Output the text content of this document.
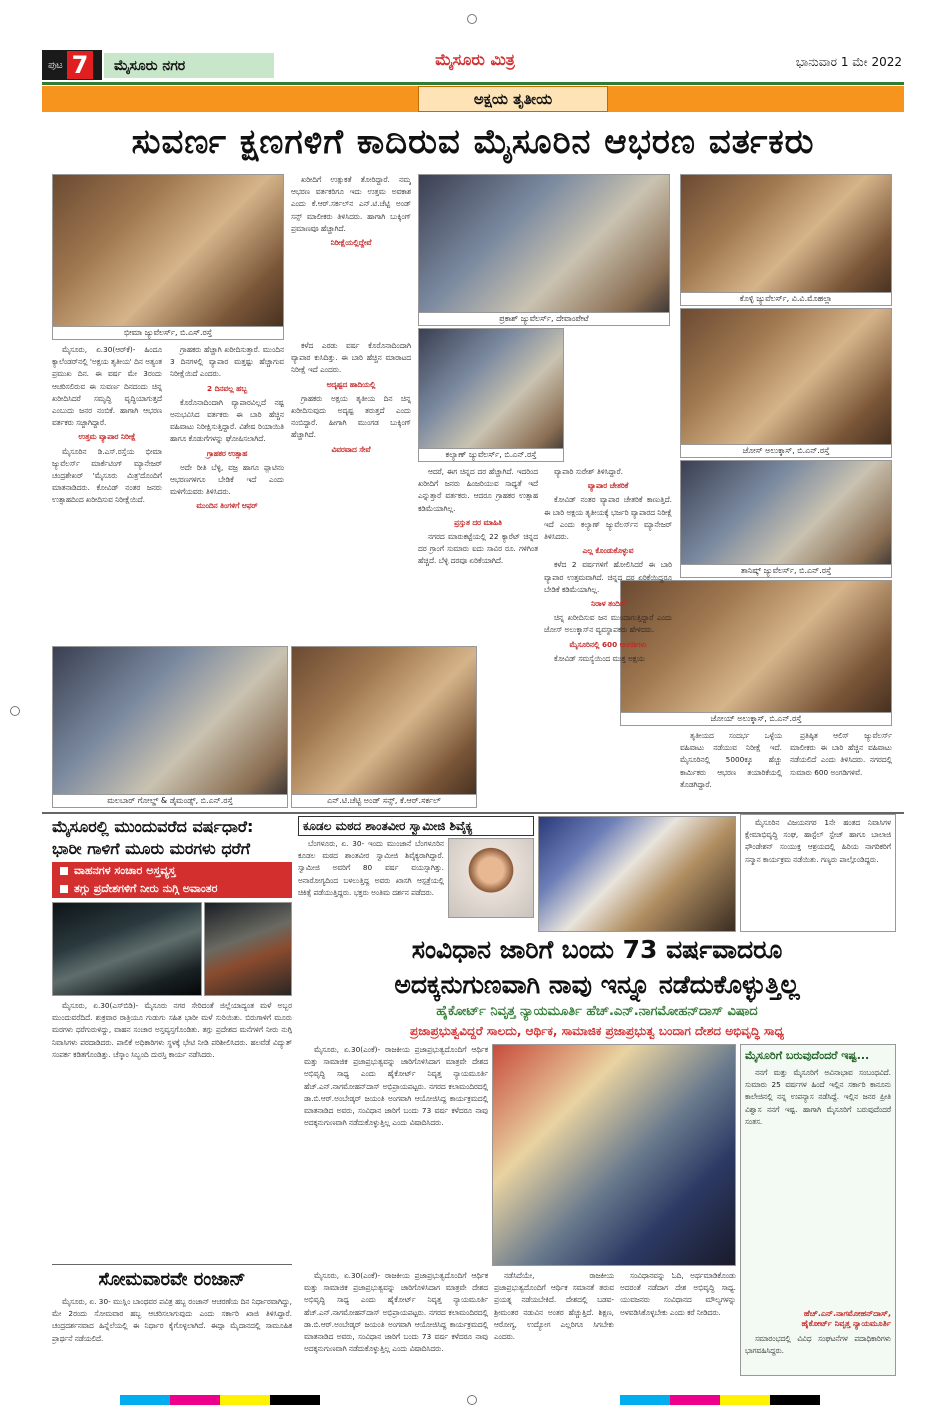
ಪುಟ 7	ಮೈಸೂರು ನಗರ	ಮೈಸೂರು ಮಿತ್ರ	ಭಾನುವಾರ 1 ಮೇ 2022
ಅಕ್ಷಯ ತೃತೀಯ
ಸುವರ್ಣ ಕ್ಷಣಗಳಿಗೆ ಕಾದಿರುವ ಮೈಸೂರಿನ ಆಭರಣ ವರ್ತಕರು
ಭೀಮಾ ಜ್ಯುವೆಲರ್ಸ್, ಬಿ.ಎಸ್.ರಸ್ತೆ
ಪ್ರಕಾಶ್ ಜ್ಯುವೆಲರ್ಸ್, ದೇವಾಂಪೇಟೆ
ಕೊಳ್ಳಿ ಜ್ಯುವೆಲರ್ಸ್, ವಿ.ವಿ.ಮೊಹಲ್ಲಾ
ಕಲ್ಯಾಣ್ ಜ್ಯುವೆಲರ್ಸ್, ಬಿ.ಎನ್.ರಸ್ತೆ	ಜೋಸ್ ಅಲುಕ್ಕಾಸ್, ಬಿ.ಎನ್.ರಸ್ತೆ
ತಾನಿಷ್ಕ್ ಜ್ಯುವೆಲರ್ಸ್, ಬಿ.ಎನ್.ರಸ್ತೆ
ಜೋಯ್ ಅಲುಕ್ಕಾಸ್, ಬಿ.ಎನ್.ರಸ್ತೆ
ಮಲಬಾರ್ ಗೋಲ್ಡ್ & ಡೈಮಂಡ್ಸ್, ಬಿ.ಎನ್.ರಸ್ತೆ	ಎನ್.ಟಿ.ಚೆಟ್ಟಿ ಅಂಡ್ ಸನ್ಸ್, ಕೆ.ಆರ್.ಸರ್ಕಲ್

ಮೈಸೂರು, ಏ.30(ಆರ್‌ಕೆ)- ಹಿಂದೂ ಕ್ಯಾಲೆಂಡರ್‌ನಲ್ಲಿ 'ಅಕ್ಷಯ ತೃತೀಯ' ದಿನ ಅತ್ಯಂತ ಪ್ರಮುಖ ದಿನ. ಈ ವರ್ಷ ಮೇ 3ರಂದು ಆಚರಿಸಲಿರುವ ಈ ಸುವರ್ಣ ದಿನದಂದು ಚಿನ್ನ ಖರೀದಿಸಿದರೆ ಸಮೃದ್ಧಿ ವೃದ್ಧಿಯಾಗುತ್ತದೆ ಎಂಬುದು ಜನರ ನಂಬಿಕೆ. ಹಾಗಾಗಿ ಆಭರಣ ವರ್ತಕರು ಸಜ್ಜಾಗಿದ್ದಾರೆ.

ಉತ್ತಮ ವ್ಯಾಪಾರ ನಿರೀಕ್ಷೆ

ಮೈಸೂರಿನ ಡಿ.ಎಸ್.ರಸ್ತೆಯ ಭೀಮಾ ಜ್ಯುವೆಲರ್ಸ್ ಮಾರ್ಕೆಟಿಂಗ್ ಮ್ಯಾನೇಜರ್ ಚಂದ್ರಶೇಖರ್ 'ಮೈಸೂರು ಮಿತ್ರ'ದೊಂದಿಗೆ ಮಾತನಾಡಿದರು. ಕೋವಿಡ್ ನಂತರ ಜನರು ಉತ್ಸಾಹದಿಂದ ಖರೀದಿಸುವ ನಿರೀಕ್ಷೆಯಿದೆ.

ಗ್ರಾಹಕರು ಹೆಚ್ಚಾಗಿ ಖರೀದಿಸುತ್ತಾರೆ. ಮುಂದಿನ 3 ದಿನಗಳಲ್ಲಿ ವ್ಯಾಪಾರ ಮತ್ತಷ್ಟು ಹೆಚ್ಚಾಗುವ ನಿರೀಕ್ಷೆಯಿದೆ ಎಂದರು.

2 ದಿನವಲ್ಲ ಹಬ್ಬ

ಕೊರೊನಾದಿಂದಾಗಿ ವ್ಯಾಪಾರವಿಲ್ಲದೆ ನಷ್ಟ ಅನುಭವಿಸಿದ ವರ್ತಕರು ಈ ಬಾರಿ ಹೆಚ್ಚಿನ ವಹಿವಾಟು ನಿರೀಕ್ಷಿಸುತ್ತಿದ್ದಾರೆ. ವಿಶೇಷ ರಿಯಾಯಿತಿ ಹಾಗೂ ಕೊಡುಗೆಗಳನ್ನು ಘೋಷಿಸಲಾಗಿದೆ.

ಗ್ರಾಹಕರ ಉತ್ಸಾಹ

ಅದೇ ರೀತಿ ಬೆಳ್ಳಿ, ವಜ್ರ ಹಾಗೂ ಪ್ಲಾಟಿನಂ ಆಭರಣಗಳಿಗೂ ಬೇಡಿಕೆ ಇದೆ ಎಂದು ಮಳಿಗೆಯವರು ತಿಳಿಸಿದರು.

ಮುಂದಿನ ತಿಂಗಳಿಗೆ ಆಫರ್

ಖರೀದಿಗೆ ಉತ್ಸುಕತೆ ತೋರಿದ್ದಾರೆ. ನಮ್ಮ ಆಭರಣ ವರ್ತಕರಿಗೂ ಇದು ಉತ್ತಮ ಅವಕಾಶ ಎಂದು ಕೆ.ಆರ್.ಸರ್ಕಲ್‌ನ ಎನ್.ಟಿ.ಚೆಟ್ಟಿ ಅಂಡ್ ಸನ್ಸ್ ಮಾಲೀಕರು ತಿಳಿಸಿದರು. ಹಾಗಾಗಿ ಬುಕ್ಕಿಂಗ್ ಪ್ರಮಾಣವೂ ಹೆಚ್ಚಾಗಿದೆ.

ನಿರೀಕ್ಷೆಯಲ್ಲಿದ್ದೇವೆ

ಕಳೆದ ಎರಡು ವರ್ಷ ಕೊರೊನಾದಿಂದಾಗಿ ವ್ಯಾಪಾರ ಕುಸಿದಿತ್ತು. ಈ ಬಾರಿ ಹೆಚ್ಚಿನ ಮಾರಾಟದ ನಿರೀಕ್ಷೆ ಇದೆ ಎಂದರು.

ಅದೃಷ್ಟದ ಹಾದಿಯಲ್ಲಿ

ಗ್ರಾಹಕರು ಅಕ್ಷಯ ತೃತೀಯ ದಿನ ಚಿನ್ನ ಖರೀದಿಸುವುದು ಅದೃಷ್ಟ ತರುತ್ತದೆ ಎಂದು ನಂಬಿದ್ದಾರೆ. ಹೀಗಾಗಿ ಮುಂಗಡ ಬುಕ್ಕಿಂಗ್ ಹೆಚ್ಚಾಗಿದೆ.

ವಿವರವಾದ ಸೇವೆ

ಆದರೆ, ಈಗ ಚಿನ್ನದ ದರ ಹೆಚ್ಚಾಗಿದೆ. ಇದರಿಂದ ಖರೀದಿಗೆ ಜನರು ಹಿಂಜರಿಯುವ ಸಾಧ್ಯತೆ ಇದೆ ಎನ್ನುತ್ತಾರೆ ವರ್ತಕರು. ಆದರೂ ಗ್ರಾಹಕರ ಉತ್ಸಾಹ ಕಡಿಮೆಯಾಗಿಲ್ಲ.

ಪ್ರಸ್ತುತ ದರ ಮಾಹಿತಿ

ನಗರದ ಮಾರುಕಟ್ಟೆಯಲ್ಲಿ 22 ಕ್ಯಾರೆಟ್ ಚಿನ್ನದ ದರ ಗ್ರಾಂಗೆ ಸುಮಾರು ಐದು ಸಾವಿರ ರೂ. ಗಳಿಗಿಂತ ಹೆಚ್ಚಿದೆ. ಬೆಳ್ಳಿ ದರವೂ ಏರಿಕೆಯಾಗಿದೆ.

ವ್ಯಾಪಾರಿ ಸುರೇಶ್ ತಿಳಿಸಿದ್ದಾರೆ.

ವ್ಯಾಪಾರ ಚೇತರಿಕೆ

ಕೋವಿಡ್ ನಂತರ ವ್ಯಾಪಾರ ಚೇತರಿಕೆ ಕಾಣುತ್ತಿದೆ. ಈ ಬಾರಿ ಅಕ್ಷಯ ತೃತೀಯಕ್ಕೆ ಭರ್ಜರಿ ವ್ಯಾಪಾರದ ನಿರೀಕ್ಷೆ ಇದೆ ಎಂದು ಕಲ್ಯಾಣ್ ಜ್ಯುವೆಲರ್ಸ್‌ನ ಮ್ಯಾನೇಜರ್ ತಿಳಿಸಿದರು.

ಎಲ್ಲ ಕೊಂಡುಕೊಳ್ಳುವ

ಕಳೆದ 2 ವರ್ಷಗಳಿಗೆ ಹೋಲಿಸಿದರೆ ಈ ಬಾರಿ ವ್ಯಾಪಾರ ಉತ್ತಮವಾಗಿದೆ. ಚಿನ್ನದ ದರ ಏರಿಕೆಯಿದ್ದರೂ ಬೇಡಿಕೆ ಕಡಿಮೆಯಾಗಿಲ್ಲ.

ನಿರಾಳ ತಂದಿದೆ

ಚಿನ್ನ ಖರೀದಿಸುವ ಜನ ಮುಂದಾಗುತ್ತಿದ್ದಾರೆ ಎಂದು ಜೋಸ್ ಅಲುಕ್ಕಾಸ್‌ನ ವ್ಯವಸ್ಥಾಪಕರು ಹೇಳಿದರು.

ಮೈಸೂರಿನಲ್ಲಿ 600 ಅಂಗಡಿಗಳು

ಕೋವಿಡ್ ಸಮಸ್ಯೆಯಿಂದ ಮುಕ್ತ ಅಕ್ಷಯ

ತೃತೀಯದ ಸಂದರ್ಭ ಒಳ್ಳೆಯ ವಹಿವಾಟು ನಡೆಯುವ ನಿರೀಕ್ಷೆ ಇದೆ. ಮೈಸೂರಿನಲ್ಲಿ 5000ಕ್ಕೂ ಹೆಚ್ಚು ಕಾರ್ಮಿಕರು ಆಭರಣ ತಯಾರಿಕೆಯಲ್ಲಿ ತೊಡಗಿದ್ದಾರೆ.

ಪ್ರತಿಷ್ಠಿತ ಆಲಿಸ್ ಜ್ಯುವೆಲರ್ಸ್ ಮಾಲೀಕರು ಈ ಬಾರಿ ಹೆಚ್ಚಿನ ವಹಿವಾಟು ನಡೆಯಲಿದೆ ಎಂದು ತಿಳಿಸಿದರು. ನಗರದಲ್ಲಿ ಸುಮಾರು 600 ಅಂಗಡಿಗಳಿವೆ.

ಮೈಸೂರಲ್ಲಿ ಮುಂದುವರೆದ ವರ್ಷಧಾರೆ:
ಭಾರೀ ಗಾಳಿಗೆ ಮೂರು ಮರಗಳು ಧರೆಗೆ
ವಾಹನಗಳ ಸಂಚಾರ ಅಸ್ತವ್ಯಸ್ತ
ತಗ್ಗು ಪ್ರದೇಶಗಳಿಗೆ ನೀರು ನುಗ್ಗಿ ಅವಾಂತರ

ಮೈಸೂರು, ಏ.30(ಎಸ್‌ಬಿಡಿ)- ಮೈಸೂರು ನಗರ ಸೇರಿದಂತೆ ಜಿಲ್ಲೆಯಾದ್ಯಂತ ಮಳೆ ಅಬ್ಬರ ಮುಂದುವರೆದಿದೆ. ಶುಕ್ರವಾರ ರಾತ್ರಿಯೂ ಗುಡುಗು ಸಹಿತ ಭಾರೀ ಮಳೆ ಸುರಿಯಿತು. ಬಿರುಗಾಳಿಗೆ ಮೂರು ಮರಗಳು ಧರೆಗುರುಳಿದ್ದು, ವಾಹನ ಸಂಚಾರ ಅಸ್ತವ್ಯಸ್ತಗೊಂಡಿತು. ತಗ್ಗು ಪ್ರದೇಶದ ಮನೆಗಳಿಗೆ ನೀರು ನುಗ್ಗಿ ನಿವಾಸಿಗಳು ಪರದಾಡಿದರು. ಪಾಲಿಕೆ ಅಧಿಕಾರಿಗಳು ಸ್ಥಳಕ್ಕೆ ಭೇಟಿ ನೀಡಿ ಪರಿಶೀಲಿಸಿದರು. ಹಲವೆಡೆ ವಿದ್ಯುತ್ ಸಂಪರ್ಕ ಕಡಿತಗೊಂಡಿತ್ತು. ಚೆಸ್ಕಾಂ ಸಿಬ್ಬಂದಿ ದುರಸ್ತಿ ಕಾರ್ಯ ನಡೆಸಿದರು.

ಸೋಮವಾರವೇ ರಂಜಾನ್

ಮೈಸೂರು, ಏ. 30- ಮುಸ್ಲಿಂ ಬಾಂಧವರ ಪವಿತ್ರ ಹಬ್ಬ ರಂಜಾನ್ ಆಚರಣೆಯ ದಿನ ನಿರ್ಧಾರವಾಗಿದ್ದು, ಮೇ 2ರಂದು ಸೋಮವಾರ ಹಬ್ಬ ಆಚರಿಸಲಾಗುವುದು ಎಂದು ಸರ್ಕಾರಿ ಖಾಜಿ ತಿಳಿಸಿದ್ದಾರೆ. ಚಂದ್ರದರ್ಶನವಾದ ಹಿನ್ನೆಲೆಯಲ್ಲಿ ಈ ನಿರ್ಧಾರ ಕೈಗೊಳ್ಳಲಾಗಿದೆ. ಈದ್ಗಾ ಮೈದಾನದಲ್ಲಿ ಸಾಮೂಹಿಕ ಪ್ರಾರ್ಥನೆ ನಡೆಯಲಿದೆ.

ಕೂಡಲ ಮಠದ ಶಾಂತವೀರ ಸ್ವಾಮೀಜಿ ಶಿವೈಕ್ಯ

ಬೆಂಗಳೂರು, ಏ. 30- ಇಂದು ಮುಂಜಾನೆ ಬೆಂಗಳೂರಿನ ಕೂಡಲ ಮಠದ ಶಾಂತವೀರ ಸ್ವಾಮೀಜಿ ಶಿವೈಕ್ಯರಾಗಿದ್ದಾರೆ. ಸ್ವಾಮೀಜಿ ಅವರಿಗೆ 80 ವರ್ಷ ವಯಸ್ಸಾಗಿತ್ತು. ಅನಾರೋಗ್ಯದಿಂದ ಬಳಲುತ್ತಿದ್ದ ಅವರು ಖಾಸಗಿ ಆಸ್ಪತ್ರೆಯಲ್ಲಿ ಚಿಕಿತ್ಸೆ ಪಡೆಯುತ್ತಿದ್ದರು. ಭಕ್ತರು ಅಂತಿಮ ದರ್ಶನ ಪಡೆದರು.

ಮೈಸೂರಿನ ವಿಜಯನಗರ 1ನೇ ಹಂತದ ನಿವಾಸಿಗಳ ಕ್ಷೇಮಾಭಿವೃದ್ಧಿ ಸಂಘ, ಹಾಸ್ಟೆಲ್ ಸ್ಟೇಜ್ ಹಾಗೂ ಬಾಲಾಜಿ ಫೌಂಡೇಶನ್ ಸಂಯುಕ್ತ ಆಶ್ರಯದಲ್ಲಿ ಹಿರಿಯ ನಾಗರಿಕರಿಗೆ ಸನ್ಮಾನ ಕಾರ್ಯಕ್ರಮ ನಡೆಯಿತು. ಗಣ್ಯರು ಪಾಲ್ಗೊಂಡಿದ್ದರು.

ಸಂವಿಧಾನ ಜಾರಿಗೆ ಬಂದು 73 ವರ್ಷವಾದರೂ
ಅದಕ್ಕನುಗುಣವಾಗಿ ನಾವು ಇನ್ನೂ ನಡೆದುಕೊಳ್ಳುತ್ತಿಲ್ಲ
ಹೈಕೋರ್ಟ್ ನಿವೃತ್ತ ನ್ಯಾಯಮೂರ್ತಿ ಹೆಚ್.ಎನ್.ನಾಗಮೋಹನ್‌ದಾಸ್ ವಿಷಾದ
ಪ್ರಜಾಪ್ರಭುತ್ವವಿದ್ದರೆ ಸಾಲದು, ಆರ್ಥಿಕ, ಸಾಮಾಜಿಕ ಪ್ರಜಾಪ್ರಭುತ್ವ ಬಂದಾಗ ದೇಶದ ಅಭಿವೃದ್ಧಿ ಸಾಧ್ಯ

ಮೈಸೂರು, ಏ.30(ಎಂಕೆ)- ರಾಜಕೀಯ ಪ್ರಜಾಪ್ರಭುತ್ವದೊಂದಿಗೆ ಆರ್ಥಿಕ ಮತ್ತು ಸಾಮಾಜಿಕ ಪ್ರಜಾಪ್ರಭುತ್ವವನ್ನು ಜಾರಿಗೊಳಿಸಿದಾಗ ಮಾತ್ರವೇ ದೇಶದ ಅಭಿವೃದ್ಧಿ ಸಾಧ್ಯ ಎಂದು ಹೈಕೋರ್ಟ್ ನಿವೃತ್ತ ನ್ಯಾಯಮೂರ್ತಿ ಹೆಚ್.ಎನ್.ನಾಗಮೋಹನ್‌ದಾಸ್ ಅಭಿಪ್ರಾಯಪಟ್ಟರು. ನಗರದ ಕಲಾಮಂದಿರದಲ್ಲಿ ಡಾ.ಬಿ.ಆರ್.ಅಂಬೇಡ್ಕರ್ ಜಯಂತಿ ಅಂಗವಾಗಿ ಆಯೋಜಿಸಿದ್ದ ಕಾರ್ಯಕ್ರಮದಲ್ಲಿ ಮಾತನಾಡಿದ ಅವರು, ಸಂವಿಧಾನ ಜಾರಿಗೆ ಬಂದು 73 ವರ್ಷ ಕಳೆದರೂ ನಾವು ಅದಕ್ಕನುಗುಣವಾಗಿ ನಡೆದುಕೊಳ್ಳುತ್ತಿಲ್ಲ ಎಂದು ವಿಷಾದಿಸಿದರು.

ಮೈಸೂರು, ಏ.30(ಎಂಕೆ)- ರಾಜಕೀಯ ಪ್ರಜಾಪ್ರಭುತ್ವದೊಂದಿಗೆ ಆರ್ಥಿಕ ಮತ್ತು ಸಾಮಾಜಿಕ ಪ್ರಜಾಪ್ರಭುತ್ವವನ್ನು ಜಾರಿಗೊಳಿಸಿದಾಗ ಮಾತ್ರವೇ ದೇಶದ ಅಭಿವೃದ್ಧಿ ಸಾಧ್ಯ ಎಂದು ಹೈಕೋರ್ಟ್ ನಿವೃತ್ತ ನ್ಯಾಯಮೂರ್ತಿ ಹೆಚ್.ಎನ್.ನಾಗಮೋಹನ್‌ದಾಸ್ ಅಭಿಪ್ರಾಯಪಟ್ಟರು. ನಗರದ ಕಲಾಮಂದಿರದಲ್ಲಿ ಡಾ.ಬಿ.ಆರ್.ಅಂಬೇಡ್ಕರ್ ಜಯಂತಿ ಅಂಗವಾಗಿ ಆಯೋಜಿಸಿದ್ದ ಕಾರ್ಯಕ್ರಮದಲ್ಲಿ ಮಾತನಾಡಿದ ಅವರು, ಸಂವಿಧಾನ ಜಾರಿಗೆ ಬಂದು 73 ವರ್ಷ ಕಳೆದರೂ ನಾವು ಅದಕ್ಕನುಗುಣವಾಗಿ ನಡೆದುಕೊಳ್ಳುತ್ತಿಲ್ಲ ಎಂದು ವಿಷಾದಿಸಿದರು.

ನಡೆಸಿದೆಯೇ, ರಾಜಕೀಯ ಪ್ರಜಾಪ್ರಭುತ್ವದೊಂದಿಗೆ ಆರ್ಥಿಕ ಸಮಾನತೆ ತರುವ ಪ್ರಯತ್ನ ನಡೆಯಬೇಕಿದೆ. ದೇಶದಲ್ಲಿ ಬಡವ-ಶ್ರೀಮಂತರ ನಡುವಿನ ಅಂತರ ಹೆಚ್ಚುತ್ತಿದೆ. ಶಿಕ್ಷಣ, ಆರೋಗ್ಯ, ಉದ್ಯೋಗ ಎಲ್ಲರಿಗೂ ಸಿಗಬೇಕು ಎಂದರು.

ಸಂವಿಧಾನವನ್ನು ಓದಿ, ಅರ್ಥಮಾಡಿಕೊಂಡು ಅದರಂತೆ ನಡೆದಾಗ ದೇಶ ಅಭಿವೃದ್ಧಿ ಸಾಧ್ಯ. ಯುವಜನರು ಸಂವಿಧಾನದ ಮೌಲ್ಯಗಳನ್ನು ಅಳವಡಿಸಿಕೊಳ್ಳಬೇಕು ಎಂದು ಕರೆ ನೀಡಿದರು.

ಮೈಸೂರಿಗೆ ಬರುವುದೆಂದರೆ ಇಷ್ಟ...

ನನಗೆ ಮತ್ತು ಮೈಸೂರಿಗೆ ಅವಿನಾಭಾವ ಸಂಬಂಧವಿದೆ. ಸುಮಾರು 25 ವರ್ಷಗಳ ಹಿಂದೆ ಇಲ್ಲಿನ ಸರ್ಕಾರಿ ಕಾನೂನು ಕಾಲೇಜಿನಲ್ಲಿ ನನ್ನ ಉಪನ್ಯಾಸ ನಡೆಸಿದ್ದೆ. ಇಲ್ಲಿನ ಜನರ ಪ್ರೀತಿ ವಿಶ್ವಾಸ ನನಗೆ ಇಷ್ಟ. ಹಾಗಾಗಿ ಮೈಸೂರಿಗೆ ಬರುವುದೆಂದರೆ ಸಂತಸ.

ಹೆಚ್.ಎನ್.ನಾಗಮೋಹನ್‌ದಾಸ್,
ಹೈಕೋರ್ಟ್ ನಿವೃತ್ತ ನ್ಯಾಯಮೂರ್ತಿ

ಸಮಾರಂಭದಲ್ಲಿ ವಿವಿಧ ಸಂಘಟನೆಗಳ ಪದಾಧಿಕಾರಿಗಳು ಭಾಗವಹಿಸಿದ್ದರು.
